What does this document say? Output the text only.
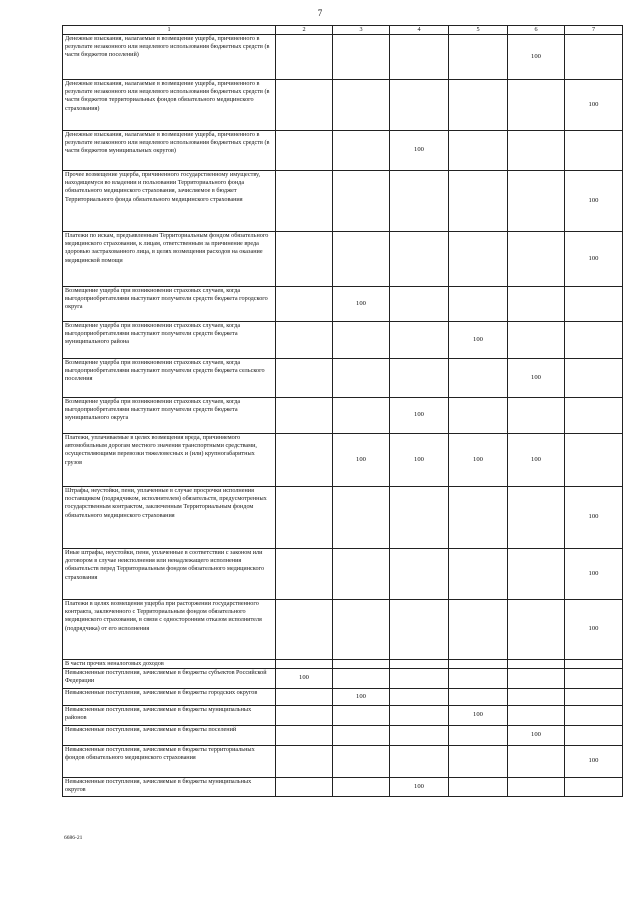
7
1	2	3	4	5	6	7
Денежные взыскания, налагаемые в возмещение ущерба, причиненного в результате незаконного или нецелевого использования бюджетных средств (в части бюджетов поселений)					100	
Денежные взыскания, налагаемые в возмещение ущерба, причиненного в результате незаконного или нецелевого использования бюджетных средств (в части бюджетов территориальных фондов обязательного медицинского страхования)						100
Денежные взыскания, налагаемые в возмещение ущерба, причиненного в результате незаконного или нецелевого использования бюджетных средств (в части бюджетов муниципальных округов)			100			
Прочее возмещение ущерба, причиненного государственному имуществу, находящемуся во владении и пользовании Территориального фонда обязательного медицинского страхования, зачисляемое в бюджет Территориального фонда обязательного медицинского страхования						100
Платежи по искам, предъявленным Территориальным фондом обязательного медицинского страхования, к лицам, ответственным за причинение вреда здоровью застрахованного лица, в целях возмещения расходов на оказание медицинской помощи						100
Возмещение ущерба при возникновении страховых случаев, когда выгодоприобретателями выступают получатели средств бюджета городского округа		100				
Возмещение ущерба при возникновении страховых случаев, когда выгодоприобретателями выступают получатели средств бюджета муниципального района				100		
Возмещение ущерба при возникновении страховых случаев, когда выгодоприобретателями выступают получатели средств бюджета сельского поселения					100	
Возмещение ущерба при возникновении страховых случаев, когда выгодоприобретателями выступают получатели средств бюджета муниципального округа			100			
Платежи, уплачиваемые в целях возмещения вреда, причиняемого автомобильным дорогам местного значения транспортными средствами, осуществляющими перевозки тяжеловесных и (или) крупногабаритных грузов		100	100	100	100	
Штрафы, неустойки, пени, уплаченные в случае просрочки исполнения поставщиком (подрядчиком, исполнителем) обязательств, предусмотренных государственным контрактом, заключенным Территориальным фондом обязательного медицинского страхования						100
Иные штрафы, неустойки, пени, уплаченные в соответствии с законом или договором в случае неисполнения или ненадлежащего исполнения обязательств перед Территориальным фондом обязательного медицинского страхования						100
Платежи в целях возмещения ущерба при расторжении государственного контракта, заключенного с Территориальным фондом обязательного медицинского страхования, в связи с односторонним отказом исполнителя (подрядчика) от его исполнения						100
В части прочих неналоговых доходов						
Невыясненные поступления, зачисляемые в бюджеты субъектов Российской Федерации	100					
Невыясненные поступления, зачисляемые в бюджеты городских округов		100				
Невыясненные поступления, зачисляемые в бюджеты муниципальных районов				100		
Невыясненные поступления, зачисляемые в бюджеты поселений					100	
Невыясненные поступления, зачисляемые в бюджеты территориальных фондов обязательного медицинского страхования						100
Невыясненные поступления, зачисляемые в бюджеты муниципальных округов			100			
6686-21
